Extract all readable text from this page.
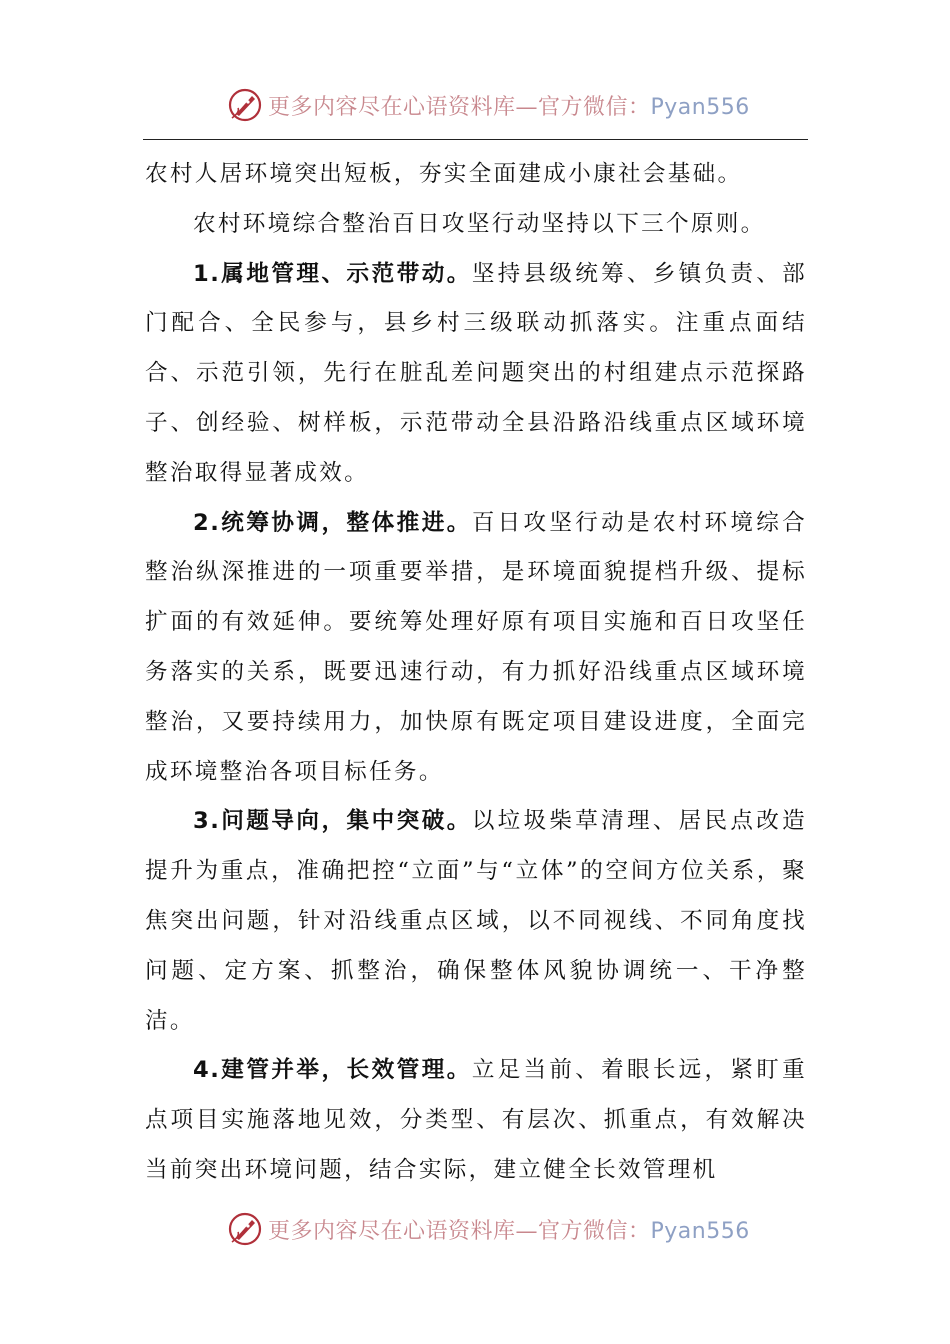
更多内容尽在心语资料库—官方微信：Pyan556

农村人居环境突出短板，夯实全面建成小康社会基础。

农村环境综合整治百日攻坚行动坚持以下三个原则。

1.属地管理、示范带动。坚持县级统筹、乡镇负责、部门配合、全民参与，县乡村三级联动抓落实。注重点面结合、示范引领，先行在脏乱差问题突出的村组建点示范探路子、创经验、树样板，示范带动全县沿路沿线重点区域环境整治取得显著成效。

2.统筹协调，整体推进。百日攻坚行动是农村环境综合整治纵深推进的一项重要举措，是环境面貌提档升级、提标扩面的有效延伸。要统筹处理好原有项目实施和百日攻坚任务落实的关系，既要迅速行动，有力抓好沿线重点区域环境整治，又要持续用力，加快原有既定项目建设进度，全面完成环境整治各项目标任务。

3.问题导向，集中突破。以垃圾柴草清理、居民点改造提升为重点，准确把控“立面”与“立体”的空间方位关系，聚焦突出问题，针对沿线重点区域，以不同视线、不同角度找问题、定方案、抓整治，确保整体风貌协调统一、干净整洁。

4.建管并举，长效管理。立足当前、着眼长远，紧盯重点项目实施落地见效，分类型、有层次、抓重点，有效解决当前突出环境问题，结合实际，建立健全长效管理机

更多内容尽在心语资料库—官方微信：Pyan556
